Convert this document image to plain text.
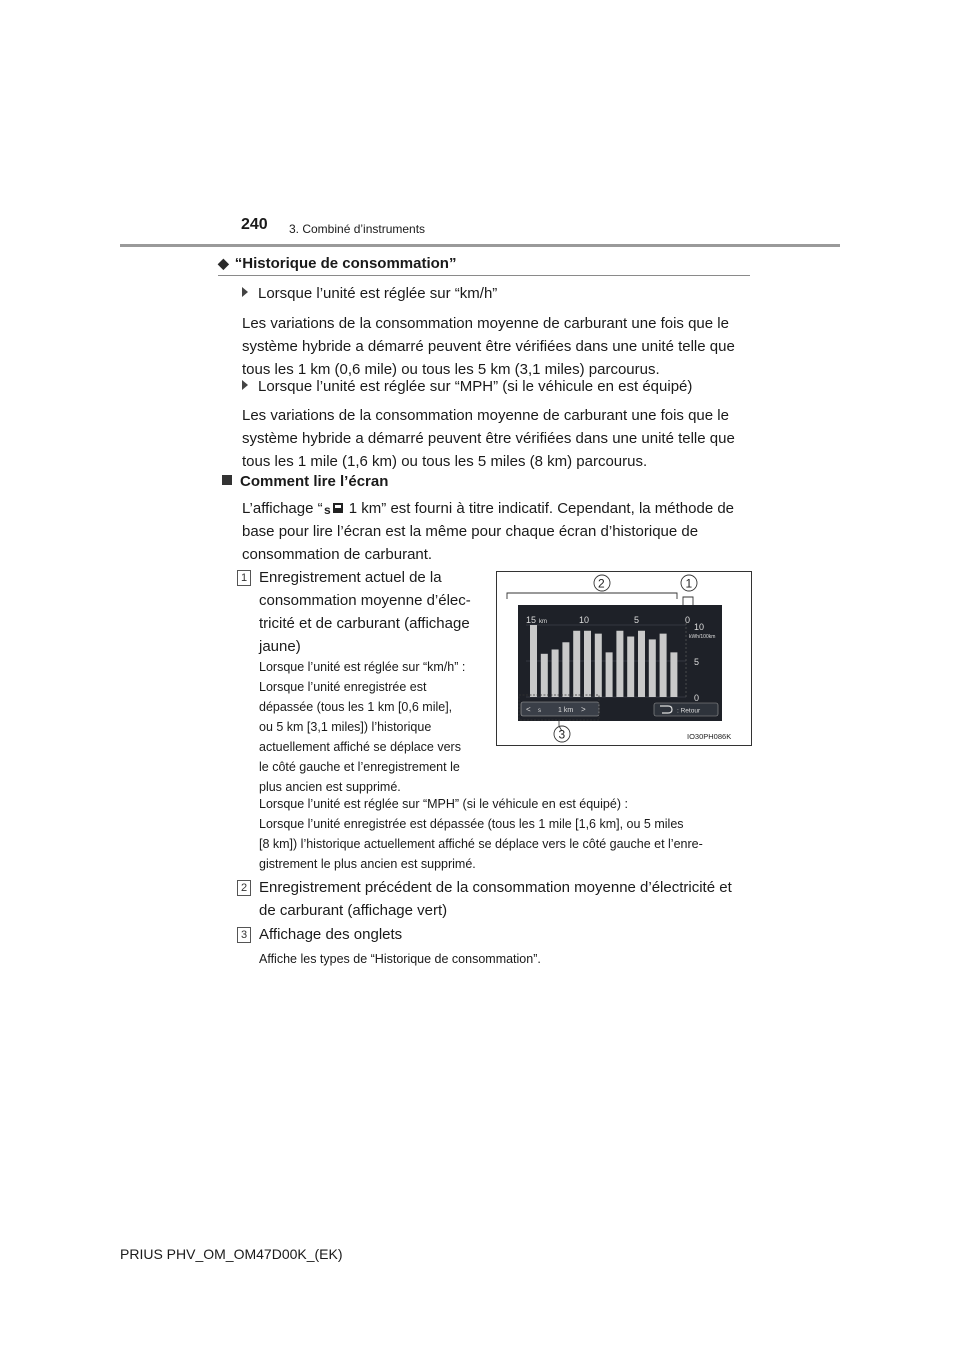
240 3. Combiné d’instruments
◆ “Historique de consommation”
Lorsque l’unité est réglée sur “km/h”
Les variations de la consommation moyenne de carburant une fois que le
système hybride a démarré peuvent être vérifiées dans une unité telle que
tous les 1 km (0,6 mile) ou tous les 5 km (3,1 miles) parcourus.
Lorsque l’unité est réglée sur “MPH” (si le véhicule en est équipé)
Les variations de la consommation moyenne de carburant une fois que le
système hybride a démarré peuvent être vérifiées dans une unité telle que
tous les 1 mile (1,6 km) ou tous les 5 miles (8 km) parcourus.
Comment lire l’écran
L’affichage “ s 1 km” est fourni à titre indicatif. Cependant, la méthode de
base pour lire l’écran est la même pour chaque écran d’historique de
consommation de carburant.
1 Enregistrement actuel de la
consommation moyenne d’élec-
tricité et de carburant (affichage
jaune)
Lorsque l’unité est réglée sur “km/h” :
Lorsque l’unité enregistrée est
dépassée (tous les 1 km [0,6 mile],
ou 5 km [3,1 miles]) l’historique
actuellement affiché se déplace vers
le côté gauche et l’enregistrement le
plus ancien est supprimé.
Lorsque l’unité est réglée sur “MPH” (si le véhicule en est équipé) :
Lorsque l’unité enregistrée est dépassée (tous les 1 mile [1,6 km], ou 5 miles
[8 km]) l’historique actuellement affiché se déplace vers le côté gauche et l’enre-
gistrement le plus ancien est supprimé.
2 Enregistrement précédent de la consommation moyenne d’électricité et
de carburant (affichage vert)
3 Affichage des onglets
Affiche les types de “Historique de consommation”.
15 km	10	5	0
10
kWh/100km
5
0
< s 1 km >	: Retour
2	1
3	IO30PH086K
PRIUS PHV_OM_OM47D00K_(EK)
